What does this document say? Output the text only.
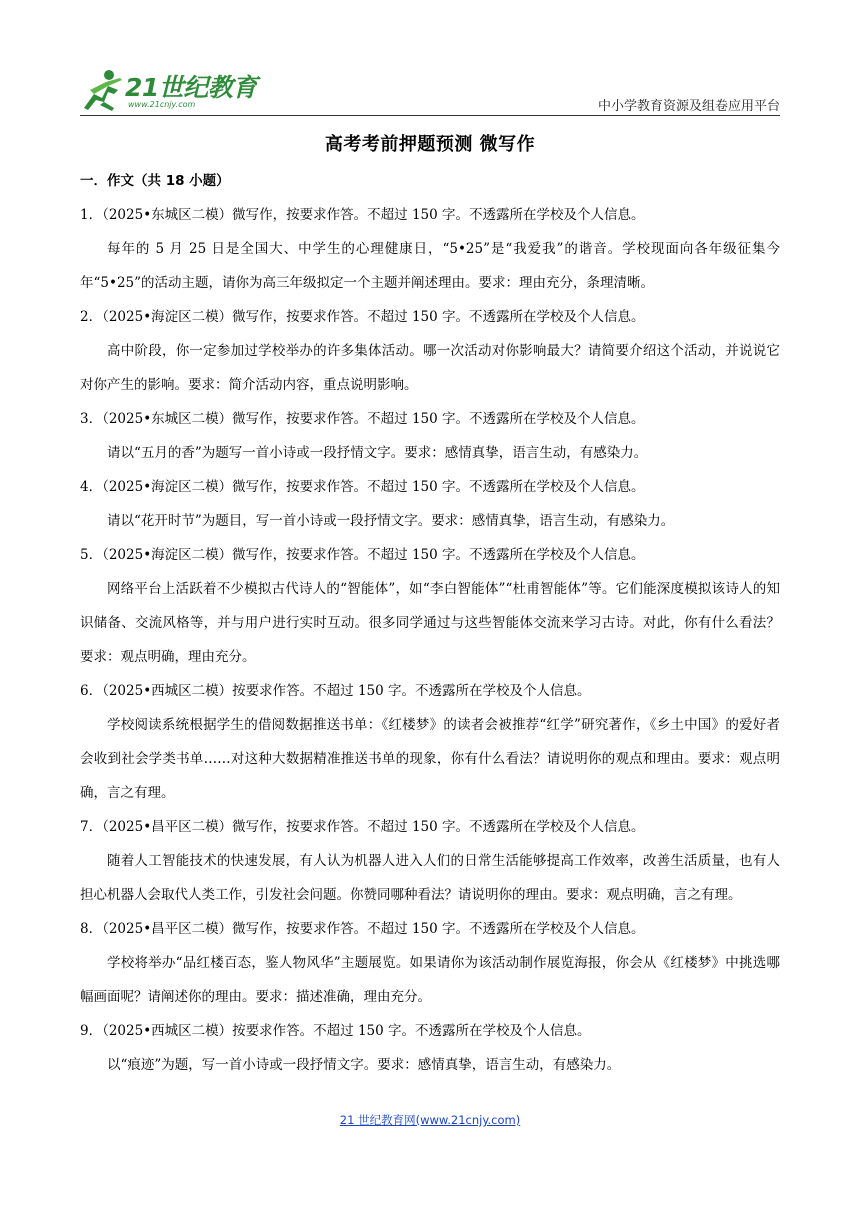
21世纪教育
www.21cnjy.com	中小学教育资源及组卷应用平台
高考考前押题预测 微写作
一．作文（共 18 小题）
1．（2025•东城区二模）微写作，按要求作答。不超过 150 字。不透露所在学校及个人信息。
每年的 5 月 25 日是全国大、中学生的心理健康日，“5•25”是“我爱我”的谐音。学校现面向各年级征集今年“5•25”的活动主题，请你为高三年级拟定一个主题并阐述理由。要求：理由充分，条理清晰。
2．（2025•海淀区二模）微写作，按要求作答。不超过 150 字。不透露所在学校及个人信息。
高中阶段，你一定参加过学校举办的许多集体活动。哪一次活动对你影响最大？请简要介绍这个活动，并说说它对你产生的影响。要求：简介活动内容，重点说明影响。
3．（2025•东城区二模）微写作，按要求作答。不超过 150 字。不透露所在学校及个人信息。
请以“五月的香”为题写一首小诗或一段抒情文字。要求：感情真挚，语言生动，有感染力。
4．（2025•海淀区二模）微写作，按要求作答。不超过 150 字。不透露所在学校及个人信息。
请以“花开时节”为题目，写一首小诗或一段抒情文字。要求：感情真挚，语言生动，有感染力。
5．（2025•海淀区二模）微写作，按要求作答。不超过 150 字。不透露所在学校及个人信息。
网络平台上活跃着不少模拟古代诗人的“智能体”，如“李白智能体”“杜甫智能体”等。它们能深度模拟该诗人的知识储备、交流风格等，并与用户进行实时互动。很多同学通过与这些智能体交流来学习古诗。对此，你有什么看法？要求：观点明确，理由充分。
6．（2025•西城区二模）按要求作答。不超过 150 字。不透露所在学校及个人信息。
学校阅读系统根据学生的借阅数据推送书单：《红楼梦》的读者会被推荐“红学”研究著作，《乡土中国》的爱好者会收到社会学类书单……对这种大数据精准推送书单的现象，你有什么看法？请说明你的观点和理由。要求：观点明确，言之有理。
7．（2025•昌平区二模）微写作，按要求作答。不超过 150 字。不透露所在学校及个人信息。
随着人工智能技术的快速发展，有人认为机器人进入人们的日常生活能够提高工作效率，改善生活质量，也有人担心机器人会取代人类工作，引发社会问题。你赞同哪种看法？请说明你的理由。要求：观点明确，言之有理。
8．（2025•昌平区二模）微写作，按要求作答。不超过 150 字。不透露所在学校及个人信息。
学校将举办“品红楼百态，鉴人物风华”主题展览。如果请你为该活动制作展览海报，你会从《红楼梦》中挑选哪幅画面呢？请阐述你的理由。要求：描述准确，理由充分。
9．（2025•西城区二模）按要求作答。不超过 150 字。不透露所在学校及个人信息。
以“痕迹”为题，写一首小诗或一段抒情文字。要求：感情真挚，语言生动，有感染力。
21 世纪教育网(www.21cnjy.com)
